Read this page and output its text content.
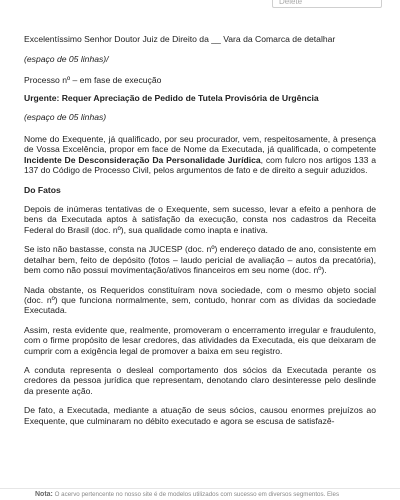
Delete

Excelentíssimo Senhor Doutor Juiz de Direito da __ Vara da Comarca de detalhar

(espaço de 05 linhas)/

Processo nº – em fase de execução

Urgente: Requer Apreciação de Pedido de Tutela Provisória de Urgência

(espaço de 05 linhas)

Nome do Exequente, já qualificado, por seu procurador, vem, respeitosamente, à presença de Vossa Excelência, propor em face de Nome da Executada, já qualificada, o competente Incidente De Desconsideração Da Personalidade Jurídica, com fulcro nos artigos 133 a 137 do Código de Processo Civil, pelos argumentos de fato e de direito a seguir aduzidos.

Do Fatos

Depois de inúmeras tentativas de o Exequente, sem sucesso, levar a efeito a penhora de bens da Executada aptos à satisfação da execução, consta nos cadastros da Receita Federal do Brasil (doc. nº), sua qualidade como inapta e inativa.

Se isto não bastasse, consta na JUCESP (doc. nº) endereço datado de ano, consistente em detalhar bem, feito de depósito (fotos – laudo pericial de avaliação – autos da precatória), bem como não possui movimentação/ativos financeiros em seu nome (doc. nº).

Nada obstante, os Requeridos constituíram nova sociedade, com o mesmo objeto social (doc. nº) que funciona normalmente, sem, contudo, honrar com as dívidas da sociedade Executada.

Assim, resta evidente que, realmente, promoveram o encerramento irregular e fraudulento, com o firme propósito de lesar credores, das atividades da Executada, eis que deixaram de cumprir com a exigência legal de promover a baixa em seu registro.

A conduta representa o desleal comportamento dos sócios da Executada perante os credores da pessoa jurídica que representam, denotando claro desinteresse pelo deslinde da presente ação.

De fato, a Executada, mediante a atuação de seus sócios, causou enormes prejuízos ao Exequente, que culminaram no débito executado e agora se escusa de satisfazê-

Nota: O acervo pertencente no nosso site é de modelos utilizados com sucesso em diversos segmentos. Eles
